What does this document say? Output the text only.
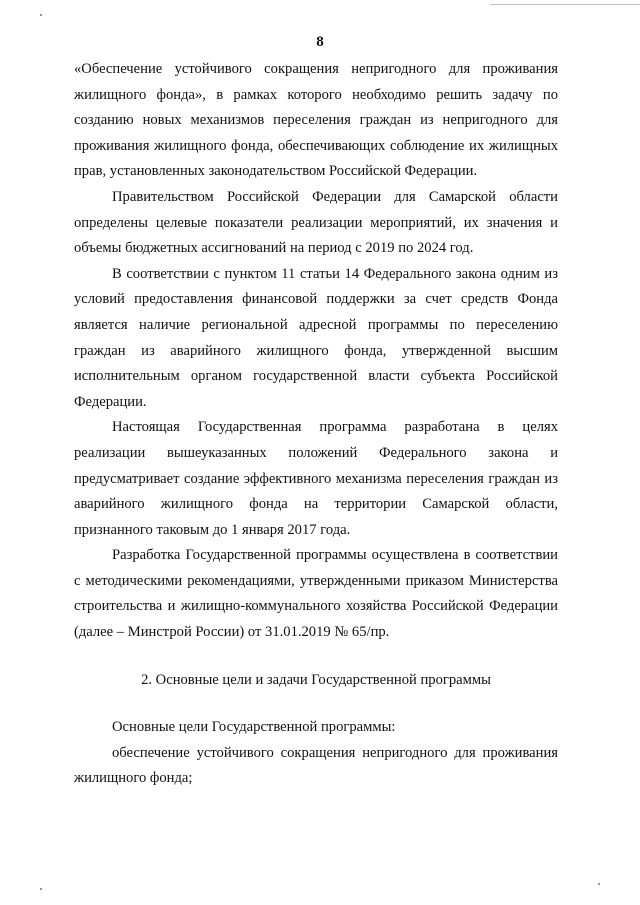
8

«Обеспечение устойчивого сокращения непригодного для проживания жилищного фонда», в рамках которого необходимо решить задачу по созданию новых механизмов переселения граждан из непригодного для проживания жилищного фонда, обеспечивающих соблюдение их жилищных прав, установленных законодательством Российской Федерации.

Правительством Российской Федерации для Самарской области определены целевые показатели реализации мероприятий, их значения и объемы бюджетных ассигнований на период с 2019 по 2024 год.

В соответствии с пунктом 11 статьи 14 Федерального закона одним из условий предоставления финансовой поддержки за счет средств Фонда является наличие региональной адресной программы по переселению граждан из аварийного жилищного фонда, утвержденной высшим исполнительным органом государственной власти субъекта Российской Федерации.

Настоящая Государственная программа разработана в целях реализации вышеуказанных положений Федерального закона и предусматривает создание эффективного механизма переселения граждан из аварийного жилищного фонда на территории Самарской области, признанного таковым до 1 января 2017 года.

Разработка Государственной программы осуществлена в соответствии с методическими рекомендациями, утвержденными приказом Министерства строительства и жилищно-коммунального хозяйства Российской Федерации (далее – Минстрой России) от 31.01.2019 № 65/пр.

2. Основные цели и задачи Государственной программы

Основные цели Государственной программы:

обеспечение устойчивого сокращения непригодного для проживания жилищного фонда;
